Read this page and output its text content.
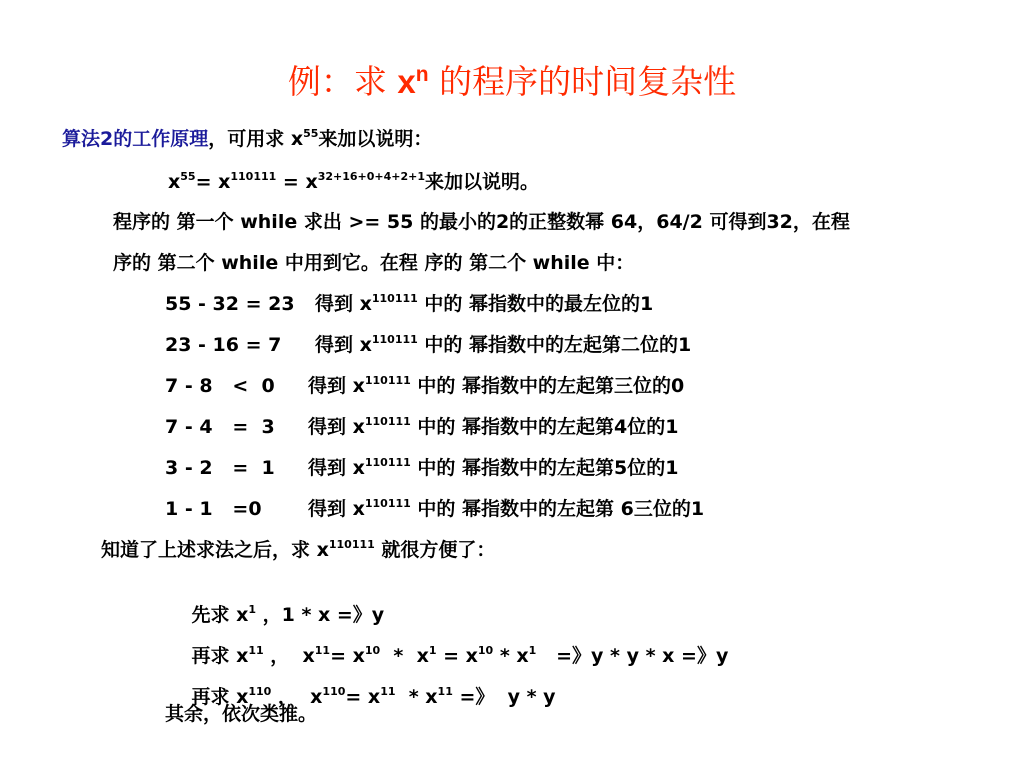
例：求 $x^n$ 的程序的时间复杂性
算法2的工作原理，可用求 $x^{55}$来加以说明：
$x^{55}= x^{110111} = x^{32+16+0+4+2+1}$来加以说明。
程序的 第一个 while 求出 >= 55 的最小的2的正整数幂 64，64/2 可得到32，在程
序的 第二个 while 中用到它。在程 序的 第二个 while 中：
55 - 32 = 23 得到 $x^{110111}$ 中的 幂指数中的最左位的1
23 - 16 = 7 得到 $x^{110111}$ 中的 幂指数中的左起第二位的1
7 - 8   <  0 得到 $x^{110111}$ 中的 幂指数中的左起第三位的0
7 - 4   =  3 得到 $x^{110111}$ 中的 幂指数中的左起第4位的1
3 - 2   =  1 得到 $x^{110111}$ 中的 幂指数中的左起第5位的1
1 - 1   =0 得到 $x^{110111}$ 中的 幂指数中的左起第 6三位的1
知道了上述求法之后，求 $x^{110111}$ 就很方便了：

先求 $x^1$ ，1 * x =》y

再求 $x^{11}$ ，  $x^{11}= x^{10} * x^1 = x^{10} * x^1$   =》y * y * x =》y

再求 $x^{110}$ ，  $x^{110}= x^{11} * x^{11}$ =》  y * y

其余，依次类推。
